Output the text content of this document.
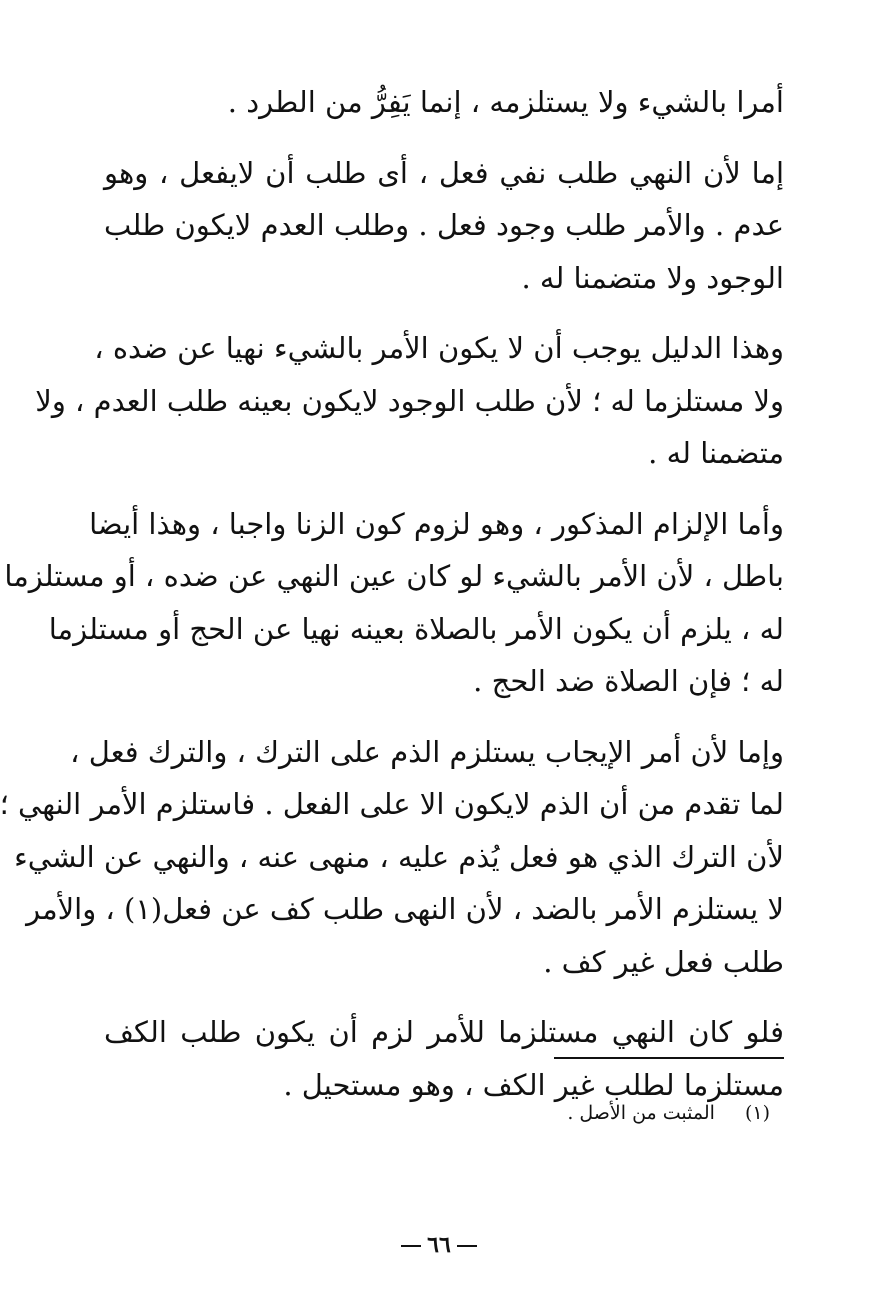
أمرا بالشيء ولا يستلزمه ، إنما يَفِرُّ من الطرد .

إما لأن النهي طلب نفي فعل ، أى طلب أن لايفعل ، وهو
عدم . والأمر طلب وجود فعل . وطلب العدم لايكون طلب
الوجود ولا متضمنا له .

وهذا الدليل يوجب أن لا يكون الأمر بالشيء نهيا عن ضده ،
ولا مستلزما له ؛ لأن طلب الوجود لايكون بعينه طلب العدم ، ولا
متضمنا له .

وأما الإلزام المذكور ، وهو لزوم كون الزنا واجبا ، وهذا أيضا
باطل ، لأن الأمر بالشيء لو كان عين النهي عن ضده ، أو مستلزما
له ، يلزم أن يكون الأمر بالصلاة بعينه نهيا عن الحج أو مستلزما
له ؛ فإن الصلاة ضد الحج .

وإما لأن أمر الإيجاب يستلزم الذم على الترك ، والترك فعل ،
لما تقدم من أن الذم لايكون الا على الفعل . فاستلزم الأمر النهي ؛
لأن الترك الذي هو فعل يُذم عليه ، منهى عنه ، والنهي عن الشيء
لا يستلزم الأمر بالضد ، لأن النهى طلب كف عن فعل(١) ، والأمر
طلب فعل غير كف .

فلو كان النهي مستلزما للأمر لزم أن يكون طلب الكف
مستلزما لطلب غير الكف ، وهو مستحيل .

(١)المثبت من الأصل .
٦٦
